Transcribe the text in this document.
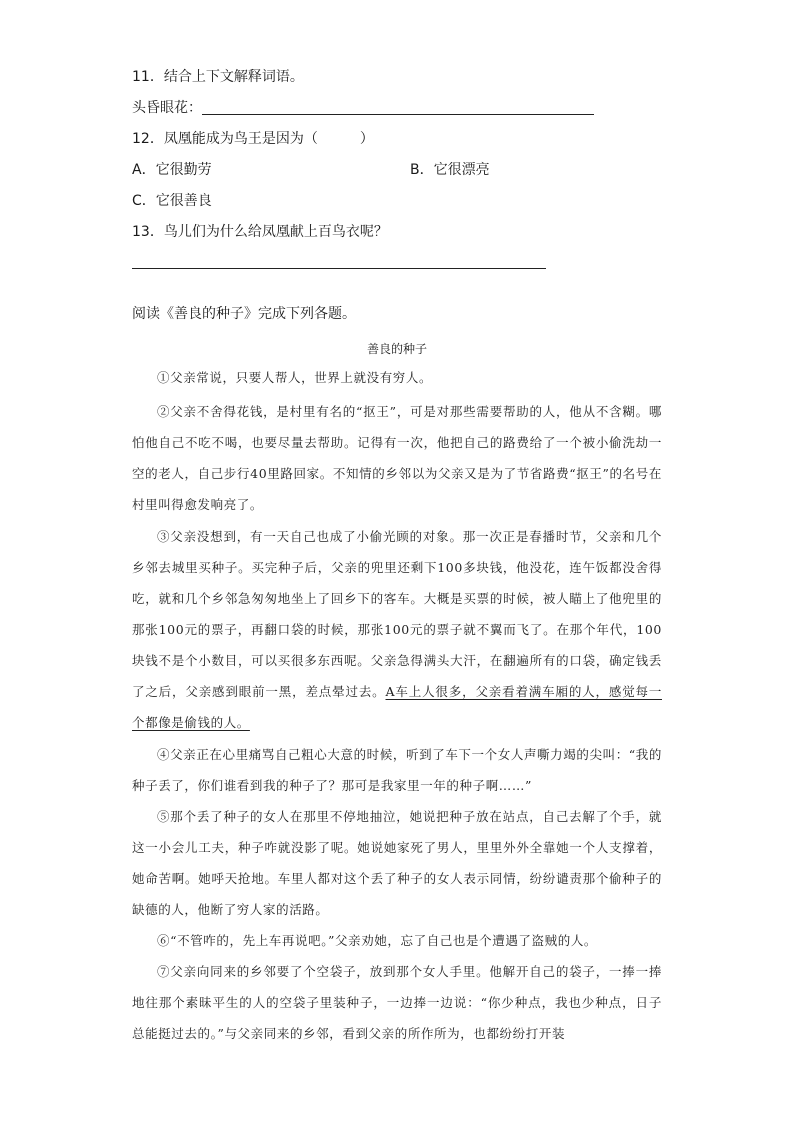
11．结合上下文解释词语。
头昏眼花：
12．凤凰能成为鸟王是因为（　　　）
A．它很勤劳	B．它很漂亮
C．它很善良
13．鸟儿们为什么给凤凰献上百鸟衣呢？
阅读《善良的种子》完成下列各题。
善良的种子
①父亲常说，只要人帮人，世界上就没有穷人。
②父亲不舍得花钱，是村里有名的“抠王”，可是对那些需要帮助的人，他从不含糊。哪怕他自己不吃不喝，也要尽量去帮助。记得有一次，他把自己的路费给了一个被小偷洗劫一空的老人，自己步行40里路回家。不知情的乡邻以为父亲又是为了节省路费“抠王”的名号在村里叫得愈发响亮了。
③父亲没想到，有一天自己也成了小偷光顾的对象。那一次正是春播时节，父亲和几个乡邻去城里买种子。买完种子后，父亲的兜里还剩下100多块钱，他没花，连午饭都没舍得吃，就和几个乡邻急匆匆地坐上了回乡下的客车。大概是买票的时候，被人瞄上了他兜里的那张100元的票子，再翻口袋的时候，那张100元的票子就不翼而飞了。在那个年代，100块钱不是个小数目，可以买很多东西呢。父亲急得满头大汗，在翻遍所有的口袋，确定钱丢了之后，父亲感到眼前一黑，差点晕过去。A车上人很多，父亲看着满车厢的人，感觉每一个都像是偷钱的人。
④父亲正在心里痛骂自己粗心大意的时候，听到了车下一个女人声嘶力竭的尖叫：“我的种子丢了，你们谁看到我的种子了？那可是我家里一年的种子啊……”
⑤那个丢了种子的女人在那里不停地抽泣，她说把种子放在站点，自己去解了个手，就这一小会儿工夫，种子咋就没影了呢。她说她家死了男人，里里外外全靠她一个人支撑着，她命苦啊。她呼天抢地。车里人都对这个丢了种子的女人表示同情，纷纷谴责那个偷种子的缺德的人，他断了穷人家的活路。
⑥“不管咋的，先上车再说吧。”父亲劝她，忘了自己也是个遭遇了盗贼的人。
⑦父亲向同来的乡邻要了个空袋子，放到那个女人手里。他解开自己的袋子，一捧一捧地往那个素昧平生的人的空袋子里装种子，一边捧一边说：“你少种点，我也少种点，日子总能挺过去的。”与父亲同来的乡邻，看到父亲的所作所为，也都纷纷打开装
